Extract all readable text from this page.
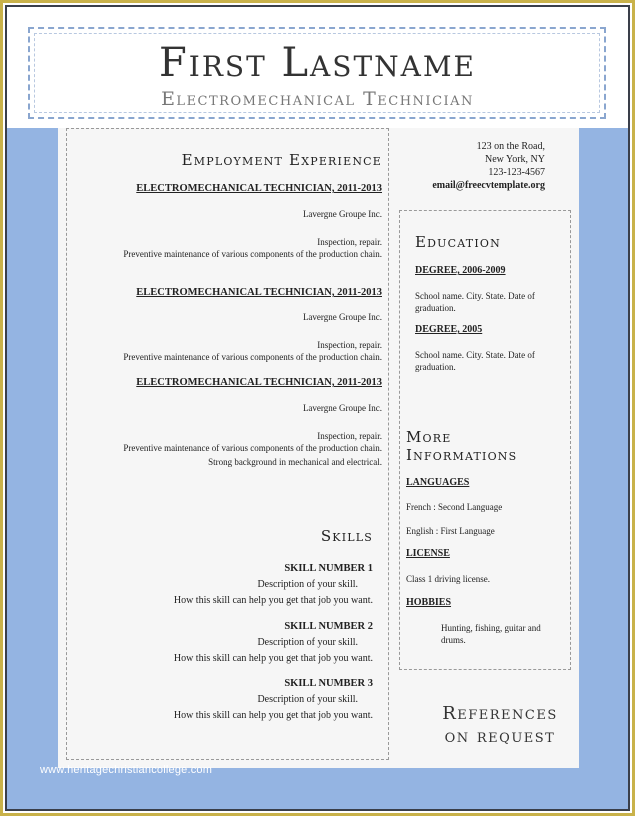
First Lastname
Electromechanical Technician
Employment Experience
ELECTROMECHANICAL TECHNICIAN, 2011-2013
Lavergne Groupe Inc.
Inspection, repair.
Preventive maintenance of various components of the production chain.
ELECTROMECHANICAL TECHNICIAN, 2011-2013
Lavergne Groupe Inc.
Inspection, repair.
Preventive maintenance of various components of the production chain.
ELECTROMECHANICAL TECHNICIAN, 2011-2013
Lavergne Groupe Inc.
Inspection, repair.
Preventive maintenance of various components of the production chain.
Strong background in mechanical and electrical.
Skills
SKILL NUMBER 1
Description of your skill.
How this skill can help you get that job you want.
SKILL NUMBER 2
Description of your skill.
How this skill can help you get that job you want.
SKILL NUMBER 3
Description of your skill.
How this skill can help you get that job you want.
123 on the Road,
New York, NY
123-123-4567
email@freecvtemplate.org
Education
DEGREE, 2006-2009
School name. City. State. Date of graduation.
DEGREE, 2005
School name. City. State. Date of graduation.
More
Informations
LANGUAGES
French : Second Language
English : First Language
LICENSE
Class 1 driving license.
HOBBIES
Hunting, fishing, guitar and drums.
References
on request
www.heritagechristiancollege.com
